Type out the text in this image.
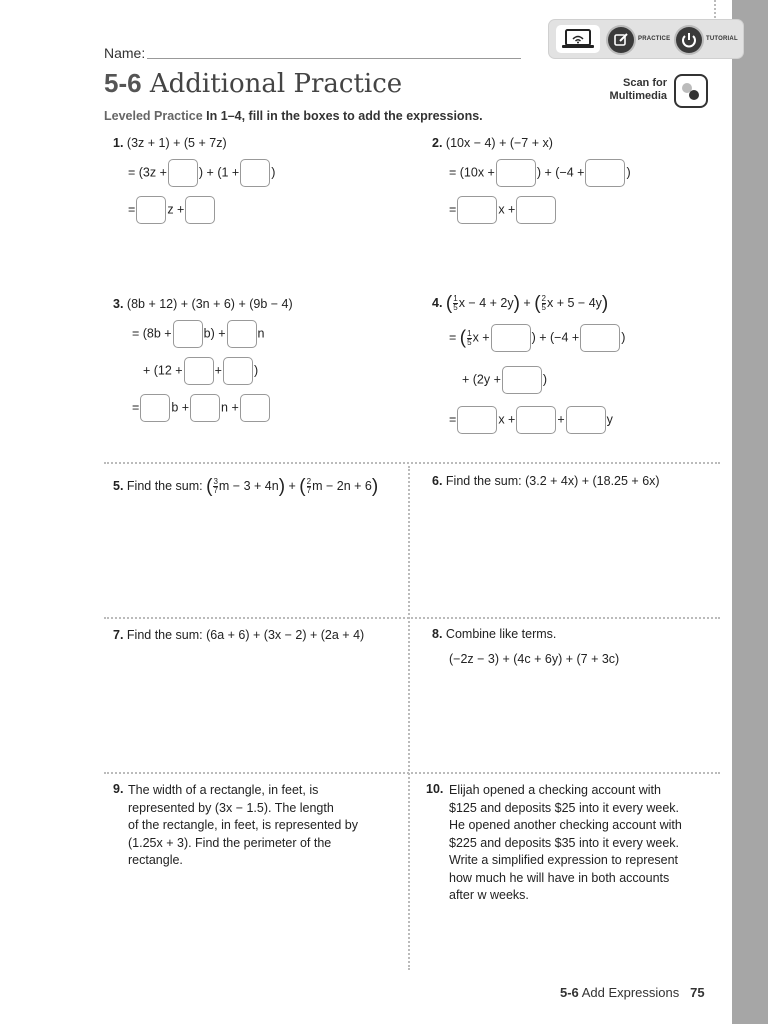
Name:
5-6 Additional Practice
Leveled Practice In 1–4, fill in the boxes to add the expressions.
PRACTICE	TUTORIAL
Scan for
Multimedia
1. (3z + 1) + (5 + 7z)
= (3z +	) + (1 +	)
=	z +
2. (10x − 4) + (−7 + x)
= (10x +	) + (−4 +	)
=	x +
3. (8b + 12) + (3n + 6) + (9b − 4)
= (8b +	b) +	n
+ (12 +	+	)
=	b +	n +
4. ( $\frac{1}{5}$ x − 4 + 2y) + ( $\frac{2}{5}$ x + 5 − 4y)
= ( $\frac{1}{5}$ x +	) + (−4 +	)
+ (2y +	)
=	x +	+	y
5. Find the sum: ( $\frac{3}{7}$ m − 3 + 4n) + ( $\frac{2}{7}$ m − 2n + 6)	6. Find the sum: (3.2 + 4x) + (18.25 + 6x)
7. Find the sum: (6a + 6) + (3x − 2) + (2a + 4)	8. Combine like terms.
(−2z − 3) + (4c + 6y) + (7 + 3c)
9. The width of a rectangle, in feet, is
represented by (3x − 1.5). The length
of the rectangle, in feet, is represented by
(1.25x + 3). Find the perimeter of the
rectangle.
10. Elijah opened a checking account with
$125 and deposits $25 into it every week.
He opened another checking account with
$225 and deposits $35 into it every week.
Write a simplified expression to represent
how much he will have in both accounts
after w weeks.
5-6 Add Expressions 75
